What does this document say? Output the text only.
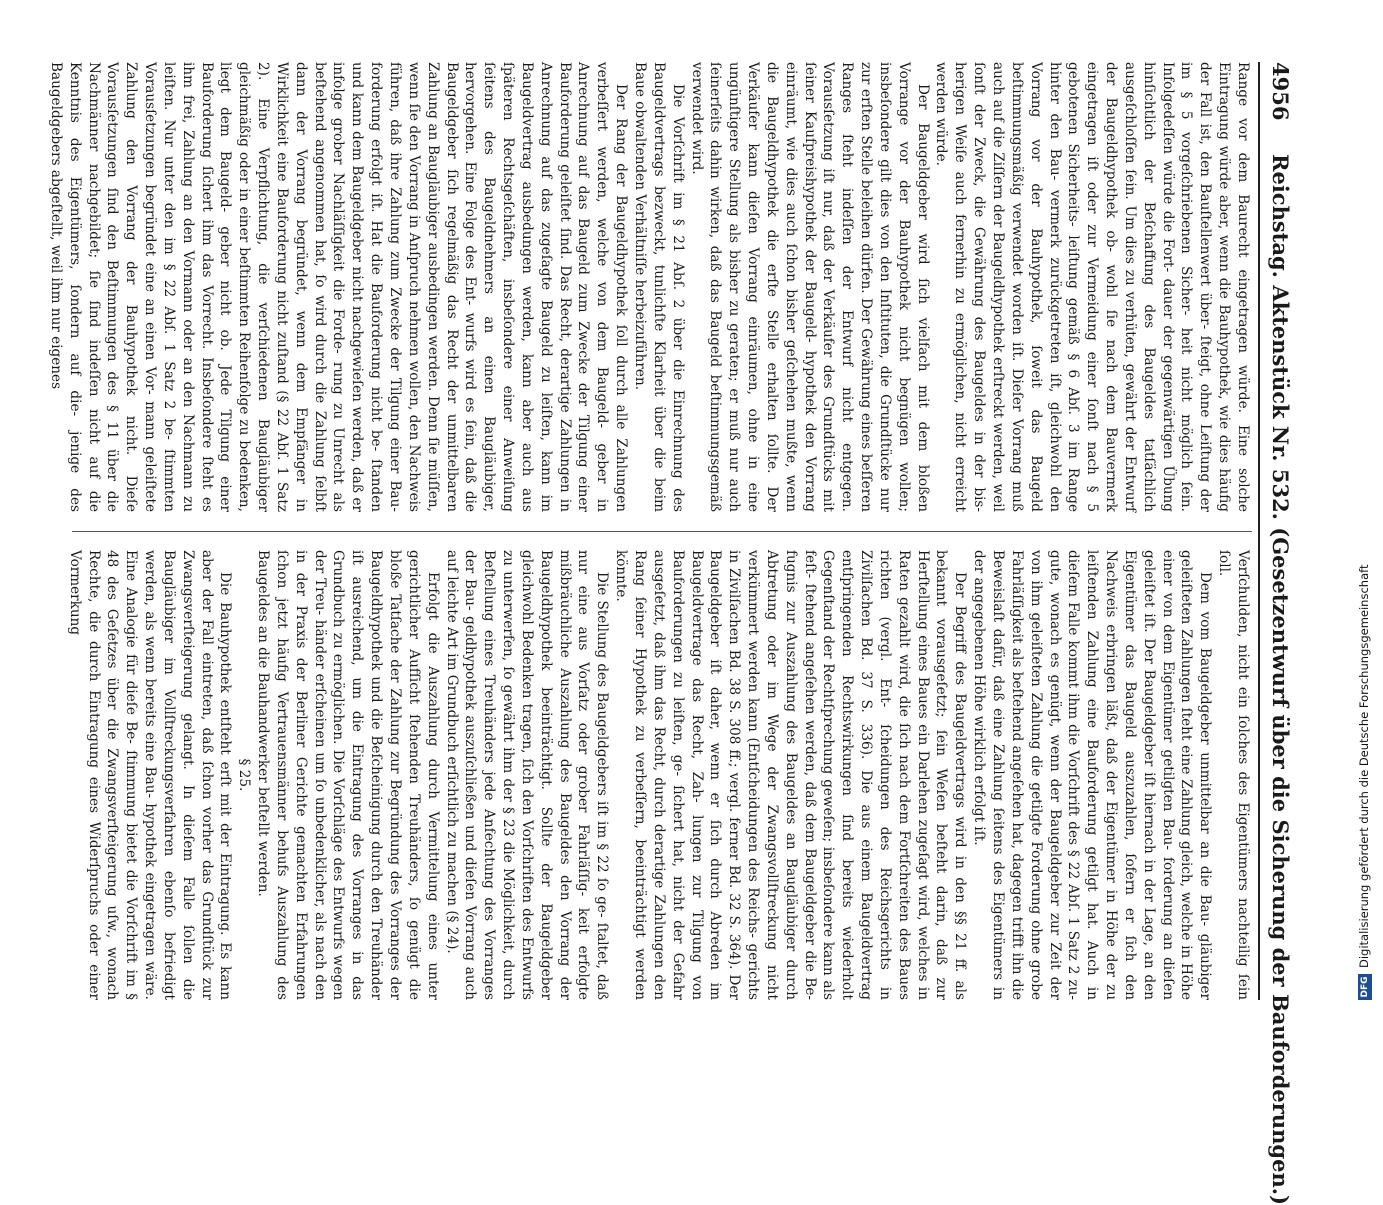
4956
Reichstag. Aktenstück Nr. 532. (Gesetzentwurf über die Sicherung der Bauforderungen.)

Range vor dem Baurecht eingetragen würde. Eine solche Eintragung würde aber, wenn die Bauhypothek, wie dies häufig der Fall ist, den Bauſtellenwert über- ſteigt, ohne Leiſtung der im § 5 vorgeſchriebenen Sicher- heit nicht möglich ſein. Infolgedeſſen würde die Fort- dauer der gegenwärtigen Übung hinſichtlich der Beſchaffung des Baugeldes tatſächlich ausgeſchloſſen ſein. Um dies zu verhüten, gewährt der Entwurf der Baugeldhypothek ob- wohl ſie nach dem Bauvermerk eingetragen iſt oder zur Vermeidung einer ſonſt nach § 5 gebotenen Sicherheits- leiſtung gemäß § 6 Abſ. 3 im Range hinter den Bau- vermerk zurückgetreten iſt, gleichwohl den Vorrang vor der Bauhypothek, ſoweit das Baugeld beſtimmungsmäßig verwendet worden iſt. Dieſer Vorrang muß auch auf die Ziſſern der Baugeldhypothek erſtreckt werden, weil ſonſt der Zweck, die Gewährung des Baugeldes in der bis- herigen Weiſe auch fernerhin zu ermöglichen, nicht erreicht werden würde.

Der Baugeldgeber wird ſich vielfach mit dem bloßen Vorrange vor der Bauhypothek nicht begnügen wollen; insbeſondere gilt dies von den Inſtituten, die Grundſtücke nur zur erſten Stelle beleihen dürfen. Der Gewährung eines beſſeren Ranges ſteht indeſſen der Entwurf nicht entgegen. Vorausſetzung iſt nur, daß der Verkäufer des Grundſtücks mit ſeiner Kaufpreishypothek der Baugeld- hypothek den Vorrang einräumt, wie dies auch ſchon bisher geſchehen mußte, wenn die Baugeldhypothek die erſte Stelle erhalten ſollte. Der Verkäufer kann dieſen Vorrang einräumen, ohne in eine ungünſtigere Stellung als bisher zu geraten; er muß nur auch ſeinerſeits dahin wirken, daß das Baugeld beſtimmungsgemäß verwendet wird.

Die Vorſchrift im § 21 Abſ. 2 über die Einrechnung des Baugeldvertrags bezweckt, tunlichſte Klarheit über die beim Baue obwaltenden Verhältniſſe herbeizuführen.

Der Rang der Baugeldhypothek ſoll durch alle Zahlungen verbeſſert werden, welche von dem Baugeld- geber in Anrechnung auf das Baugeld zum Zwecke der Tilgung einer Bauforderung geleiſtet ſind. Das Recht, derartige Zahlungen in Anrechnung auf das zugeſagte Baugeld zu leiſten, kann im Baugeldvertrag ausbedungen werden, kann aber auch aus ſpäteren Rechtsgeſchäften, insbeſondere einer Anweiſung ſeitens des Baugeldnehmers an einen Baugläubiger, hervorgehen. Eine Folge des Ent- wurfs wird es ſein, daß die Baugeldgeber ſich regelmäßig das Recht der unmittelbaren Zahlung an Baugläubiger ausbedingen werden. Denn ſie müſſen, wenn ſie den Vorrang in Anſpruch nehmen wollen, den Nachweis führen, daß ihre Zahlung zum Zwecke der Tilgung einer Bau- forderung erfolgt iſt. Hat die Bauforderung nicht be- ſtanden und kann dem Baugeldgeber nicht nachgewieſen werden, daß er infolge grober Nachläſſigkeit die Forde- rung zu Unrecht als beſtehend angenommen hat, ſo wird durch die Zahlung ſelbſt dann der Vorrang begründet, wenn dem Empfänger in Wirklichkeit eine Bauforderung nicht zuſtand (§ 22 Abſ. 1 Satz 2). Eine Verpflichtung, die verſchiedenen Baugläubiger gleichmäßig oder in einer beſtimmten Reihenfolge zu bedenken, liegt dem Baugeld- geber nicht ob. Jede Tilgung einer Bauforderung ſichert ihm das Vorrecht. Insbeſondere ſteht es ihm frei, Zahlung an den Vormann oder an den Nachmann zu leiſten. Nur unter den im § 22 Abſ. 1 Satz 2 be- ſtimmten Vorausſetzungen begründet eine an einen Vor- mann geleiſtete Zahlung den Vorrang der Bauhypothek nicht. Dieſe Vorausſetzungen ſind den Beſtimmungen des § 11 über die Nachmänner nachgebildet; ſie ſind indeſſen nicht auf die Kenntnis des Eigentümers, ſondern auf die- jenige des Baugeldgebers abgeſtellt, weil ihm nur eigenes

Verſchulden, nicht ein ſolches des Eigentümers nachteilig ſein ſoll.

Dem vom Baugeldgeber unmittelbar an die Bau- gläubiger geleiſteten Zahlungen ſteht eine Zahlung gleich, welche in Höhe einer von dem Eigentümer getilgten Bau- forderung an dieſen geleiſtet iſt. Der Baugeldgeber iſt hiernach in der Lage, an den Eigentümer das Baugeld auszuzahlen, ſofern er ſich den Nachweis erbringen läßt, daß der Eigentümer in Höhe der zu leiſtenden Zahlung eine Bauforderung getilgt hat. Auch in dieſem Falle kommt ihm die Vorſchrift des § 22 Abſ. 1 Satz 2 zu- gute, wonach es genügt, wenn der Baugeldgeber zur Zeit der von ihm geleiſteten Zahlung die getilgte Forderung ohne grobe Fahrläſſigkeit als beſtehend angeſehen hat, dagegen trifft ihn die Beweislaſt dafür, daß eine Zahlung ſeitens des Eigentümers in der angegebenen Höhe wirklich erfolgt iſt.

Der Begriff des Baugeldvertrags wird in den §§ 21 ff. als bekannt vorausgeſetzt; ſein Weſen beſteht darin, daß zur Herſtellung eines Baues ein Darlehen zugeſagt wird, welches in Raten gezahlt wird, die ſich nach dem Fortſchreiten des Baues richten (vergl. Ent- ſcheidungen des Reichsgerichts in Zivilſachen Bd. 37 S. 336). Die aus einem Baugeldvertrag entſpringenden Rechtswirkungen ſind bereits wiederholt Gegenſtand der Rechtſprechung geweſen; insbeſondere kann als feſt- ſtehend angeſehen werden, daß dem Baugeldgeber die Be- fugnis zur Auszahlung des Baugeldes an Baugläubiger durch Abtretung oder im Wege der Zwangsvollſtreckung nicht verkümmert werden kann (Entſcheidungen des Reichs- gerichts in Zivilſachen Bd. 38 S. 308 ff.; vergl. ferner Bd. 32 S. 364). Der Baugeldgeber iſt daher, wenn er ſich durch Abreden im Baugeldvertrage das Recht, Zah- lungen zur Tilgung von Bauforderungen zu leiſten, ge- ſichert hat, nicht der Gefahr ausgeſetzt, daß ihm das Recht, durch derartige Zahlungen den Rang ſeiner Hypothek zu verbeſſern, beeinträchtigt werden könnte.

Die Stellung des Baugeldgebers iſt im § 22 ſo ge- ſtaltet, daß nur eine aus Vorſatz oder grober Fahrläſſig- keit erfolgte mißbräuchliche Auszahlung des Baugeldes den Vorrang der Baugeldhypothek beeinträchtigt. Sollte der Baugeldgeber gleichwohl Bedenken tragen, ſich den Vorſchriften des Entwurfs zu unterwerfen, ſo gewährt ihm der § 23 die Möglichkeit, durch Beſtellung eines Treuhänders jede Anfechtung des Vorranges der Bau- geldhypothek auszuſchließen und dieſen Vorrang auch auf leichte Art im Grundbuch erſichtlich zu machen (§ 24).

Erfolgt die Auszahlung durch Vermittelung eines unter gerichtlicher Aufſicht ſtehenden Treuhänders, ſo genügt die bloße Tatſache der Zahlung zur Begründung des Vorranges der Baugeldhypothek und die Beſcheinigung durch den Treuhänder iſt ausreichend, um die Eintragung des Vorranges in das Grundbuch zu ermöglichen. Die Vorſchläge des Entwurfs wegen der Treu- händer erſcheinen um ſo unbedenklicher, als nach den in der Praxis der Berliner Gerichte gemachten Erfahrungen ſchon jetzt häufig Vertrauensmänner behufs Auszahlung des Baugeldes an die Bauhandwerker beſtellt werden.

§ 25.

Die Bauhypothek entſteht erſt mit der Eintragung. Es kann aber der Fall eintreten, daß ſchon vorher das Grundſtück zur Zwangsverſteigerung gelangt. In dieſem Falle ſollen die Baugläubiger im Vollſtreckungsverfahren ebenſo befriedigt werden, als wenn bereits eine Bau- hypothek eingetragen wäre. Eine Analogie für dieſe Be- ſtimmung bietet die Vorſchrift im § 48 des Geſetzes über die Zwangsverſteigerung uſw., wonach Rechte, die durch Eintragung eines Widerſpruchs oder einer Vormerkung

DFGDigitalisierung gefördert durch die Deutsche Forschungsgemeinschaft
